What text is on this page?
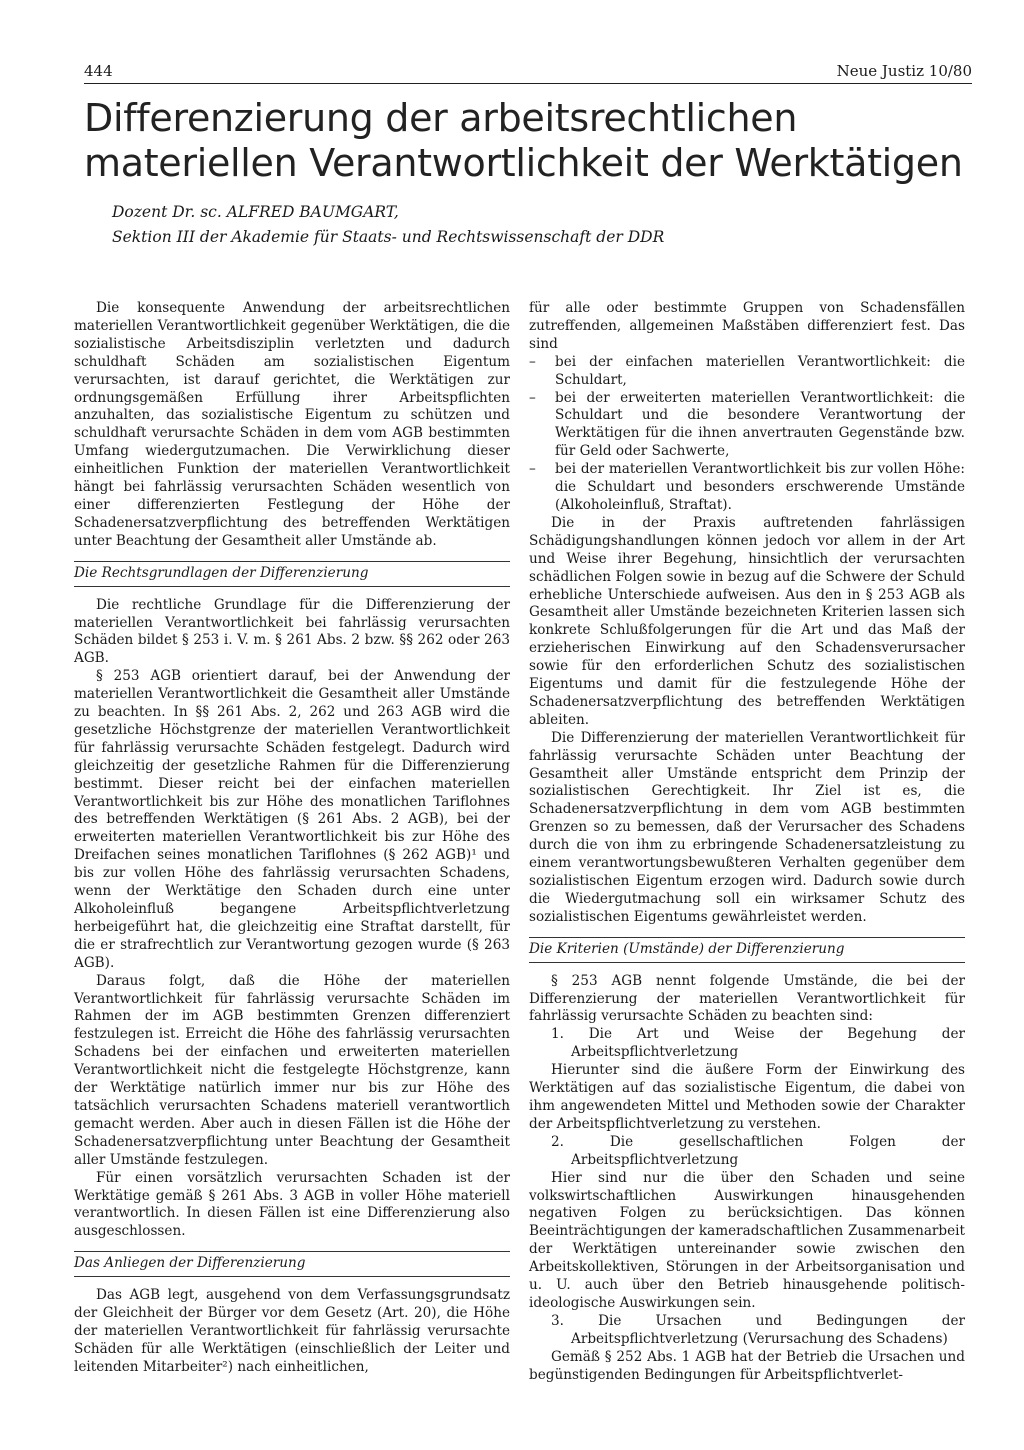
444	Neue Justiz 10/80
Differenzierung der arbeitsrechtlichen materiellen Verantwortlichkeit der Werktätigen
Dozent Dr. sc. ALFRED BAUMGART,
Sektion III der Akademie für Staats- und Rechtswissenschaft der DDR

Die konsequente Anwendung der arbeitsrechtlichen materiellen Verantwortlichkeit gegenüber Werktätigen, die die sozialistische Arbeitsdisziplin verletzten und dadurch schuldhaft Schäden am sozialistischen Eigentum verursachten, ist darauf gerichtet, die Werktätigen zur ordnungsgemäßen Erfüllung ihrer Arbeitspflichten anzuhalten, das sozialistische Eigentum zu schützen und schuldhaft verursachte Schäden in dem vom AGB bestimmten Umfang wiedergutzumachen. Die Verwirklichung dieser einheitlichen Funktion der materiellen Verantwortlichkeit hängt bei fahrlässig verursachten Schäden wesentlich von einer differenzierten Festlegung der Höhe der Schadenersatzverpflichtung des betreffenden Werktätigen unter Beachtung der Gesamtheit aller Umstände ab.

Die Rechtsgrundlagen der Differenzierung

Die rechtliche Grundlage für die Differenzierung der materiellen Verantwortlichkeit bei fahrlässig verursachten Schäden bildet § 253 i. V. m. § 261 Abs. 2 bzw. §§ 262 oder 263 AGB.

§ 253 AGB orientiert darauf, bei der Anwendung der materiellen Verantwortlichkeit die Gesamtheit aller Umstände zu beachten. In §§ 261 Abs. 2, 262 und 263 AGB wird die gesetzliche Höchstgrenze der materiellen Verantwortlichkeit für fahrlässig verursachte Schäden festgelegt. Dadurch wird gleichzeitig der gesetzliche Rahmen für die Differenzierung bestimmt. Dieser reicht bei der einfachen materiellen Verantwortlichkeit bis zur Höhe des monatlichen Tariflohnes des betreffenden Werktätigen (§ 261 Abs. 2 AGB), bei der erweiterten materiellen Verantwortlichkeit bis zur Höhe des Dreifachen seines monatlichen Tariflohnes (§ 262 AGB)¹ und bis zur vollen Höhe des fahrlässig verursachten Schadens, wenn der Werktätige den Schaden durch eine unter Alkoholeinfluß begangene Arbeitspflichtverletzung herbeigeführt hat, die gleichzeitig eine Straftat darstellt, für die er strafrechtlich zur Verantwortung gezogen wurde (§ 263 AGB).

Daraus folgt, daß die Höhe der materiellen Verantwortlichkeit für fahrlässig verursachte Schäden im Rahmen der im AGB bestimmten Grenzen differenziert festzulegen ist. Erreicht die Höhe des fahrlässig verursachten Schadens bei der einfachen und erweiterten materiellen Verantwortlichkeit nicht die festgelegte Höchstgrenze, kann der Werktätige natürlich immer nur bis zur Höhe des tatsächlich verursachten Schadens materiell verantwortlich gemacht werden. Aber auch in diesen Fällen ist die Höhe der Schadenersatzverpflichtung unter Beachtung der Gesamtheit aller Umstände festzulegen.

Für einen vorsätzlich verursachten Schaden ist der Werktätige gemäß § 261 Abs. 3 AGB in voller Höhe materiell verantwortlich. In diesen Fällen ist eine Differenzierung also ausgeschlossen.

Das Anliegen der Differenzierung

Das AGB legt, ausgehend von dem Verfassungsgrundsatz der Gleichheit der Bürger vor dem Gesetz (Art. 20), die Höhe der materiellen Verantwortlichkeit für fahrlässig verursachte Schäden für alle Werktätigen (einschließlich der Leiter und leitenden Mitarbeiter²) nach einheitlichen,

für alle oder bestimmte Gruppen von Schadensfällen zutreffenden, allgemeinen Maßstäben differenziert fest. Das sind

– bei der einfachen materiellen Verantwortlichkeit: die Schuldart,
– bei der erweiterten materiellen Verantwortlichkeit: die Schuldart und die besondere Verantwortung der Werktätigen für die ihnen anvertrauten Gegenstände bzw. für Geld oder Sachwerte,
– bei der materiellen Verantwortlichkeit bis zur vollen Höhe: die Schuldart und besonders erschwerende Umstände (Alkoholeinfluß, Straftat).

Die in der Praxis auftretenden fahrlässigen Schädigungshandlungen können jedoch vor allem in der Art und Weise ihrer Begehung, hinsichtlich der verursachten schädlichen Folgen sowie in bezug auf die Schwere der Schuld erhebliche Unterschiede aufweisen. Aus den in § 253 AGB als Gesamtheit aller Umstände bezeichneten Kriterien lassen sich konkrete Schlußfolgerungen für die Art und das Maß der erzieherischen Einwirkung auf den Schadensverursacher sowie für den erforderlichen Schutz des sozialistischen Eigentums und damit für die festzulegende Höhe der Schadenersatzverpflichtung des betreffenden Werktätigen ableiten.

Die Differenzierung der materiellen Verantwortlichkeit für fahrlässig verursachte Schäden unter Beachtung der Gesamtheit aller Umstände entspricht dem Prinzip der sozialistischen Gerechtigkeit. Ihr Ziel ist es, die Schadenersatzverpflichtung in dem vom AGB bestimmten Grenzen so zu bemessen, daß der Verursacher des Schadens durch die von ihm zu erbringende Schadenersatzleistung zu einem verantwortungsbewußteren Verhalten gegenüber dem sozialistischen Eigentum erzogen wird. Dadurch sowie durch die Wiedergutmachung soll ein wirksamer Schutz des sozialistischen Eigentums gewährleistet werden.

Die Kriterien (Umstände) der Differenzierung

§ 253 AGB nennt folgende Umstände, die bei der Differenzierung der materiellen Verantwortlichkeit für fahrlässig verursachte Schäden zu beachten sind:

1. Die Art und Weise der Begehung der Arbeitspflichtverletzung

Hierunter sind die äußere Form der Einwirkung des Werktätigen auf das sozialistische Eigentum, die dabei von ihm angewendeten Mittel und Methoden sowie der Charakter der Arbeitspflichtverletzung zu verstehen.

2. Die gesellschaftlichen Folgen der Arbeitspflichtverletzung

Hier sind nur die über den Schaden und seine volkswirtschaftlichen Auswirkungen hinausgehenden negativen Folgen zu berücksichtigen. Das können Beeinträchtigungen der kameradschaftlichen Zusammenarbeit der Werktätigen untereinander sowie zwischen den Arbeitskollektiven, Störungen in der Arbeitsorganisation und u. U. auch über den Betrieb hinausgehende politisch-ideologische Auswirkungen sein.

3. Die Ursachen und Bedingungen der Arbeitspflichtverletzung (Verursachung des Schadens)

Gemäß § 252 Abs. 1 AGB hat der Betrieb die Ursachen und begünstigenden Bedingungen für Arbeitspflichtverlet-
